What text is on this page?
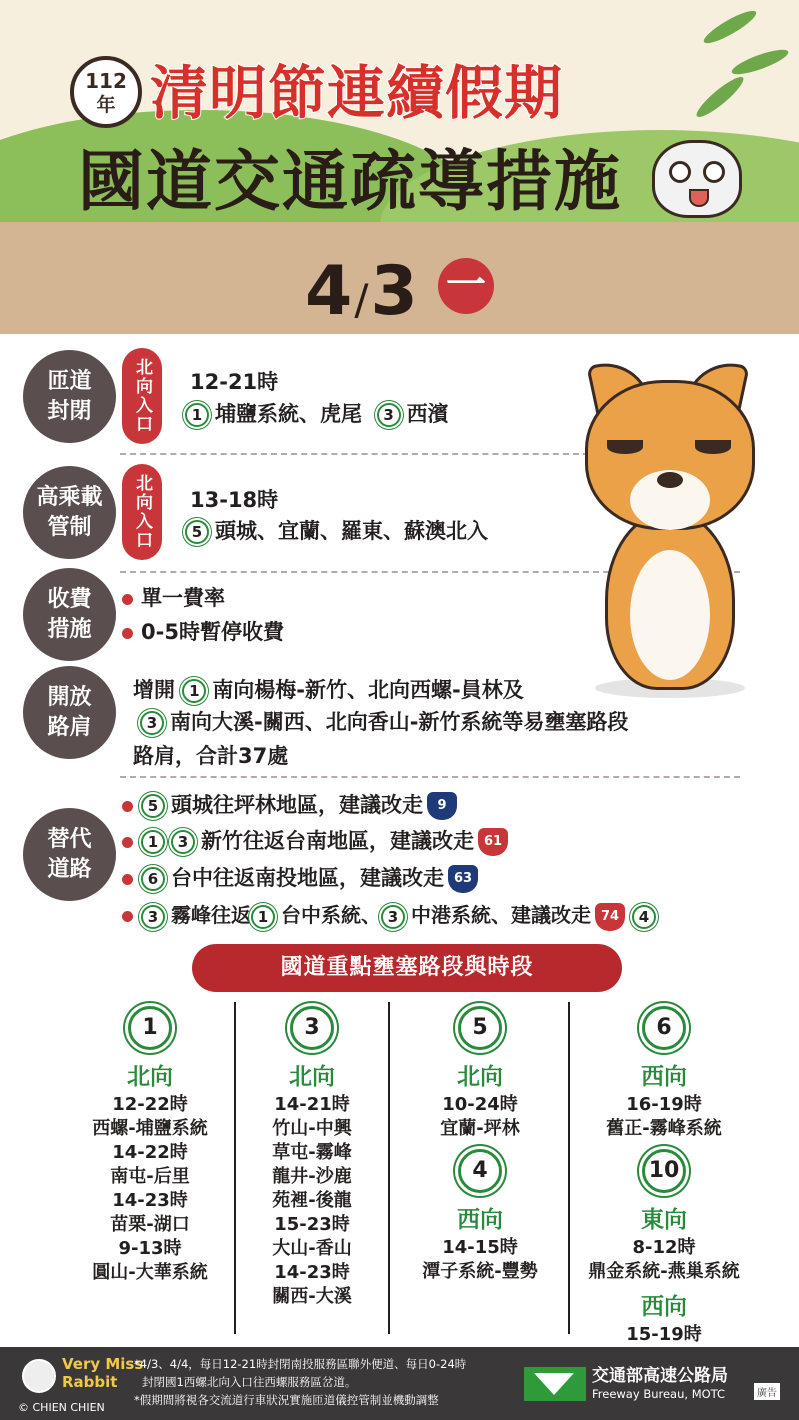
112
年 清明節連續假期
國道交通疏導措施
4/3 一
匝道
封閉	北向入口	12-21時
1 埔鹽系統、虎尾 3 西濱
高乘載
管制	北向入口	13-18時
5 頭城、宜蘭、羅東、蘇澳北入
收費
措施
單一費率
0-5時暫停收費
開放
路肩
增開 1 南向楊梅-新竹、北向西螺-員林及
3 南向大溪-關西、北向香山-新竹系統等易壅塞路段
路肩，合計37處
替代
道路
5 頭城往坪林地區，建議改走 9
1 3 新竹往返台南地區，建議改走 61
6 台中往返南投地區，建議改走 63
3 霧峰往返 1 台中系統、 3 中港系統、建議改走 74 4
國道重點壅塞路段與時段
1
北向
12-22時
西螺-埔鹽系統
14-22時
南屯-后里
14-23時
苗栗-湖口
9-13時
圓山-大華系統
3
北向
14-21時
竹山-中興
草屯-霧峰
龍井-沙鹿
苑裡-後龍
15-23時
大山-香山
14-23時
關西-大溪
5
北向
10-24時
宜蘭-坪林
4
西向
14-15時
潭子系統-豐勢
6
西向
16-19時
舊正-霧峰系統
10
東向
8-12時
鼎金系統-燕巢系統
西向
15-19時
Very Miss
Rabbit
© CHIEN CHIEN
*4/3、4/4，每日12-21時封閉南投服務區聯外便道、每日0-24時
封閉國1西螺北向入口往西螺服務區岔道。
*假期間將視各交流道行車狀況實施匝道儀控管制並機動調整
交通部高速公路局
Freeway Bureau, MOTC	廣告
